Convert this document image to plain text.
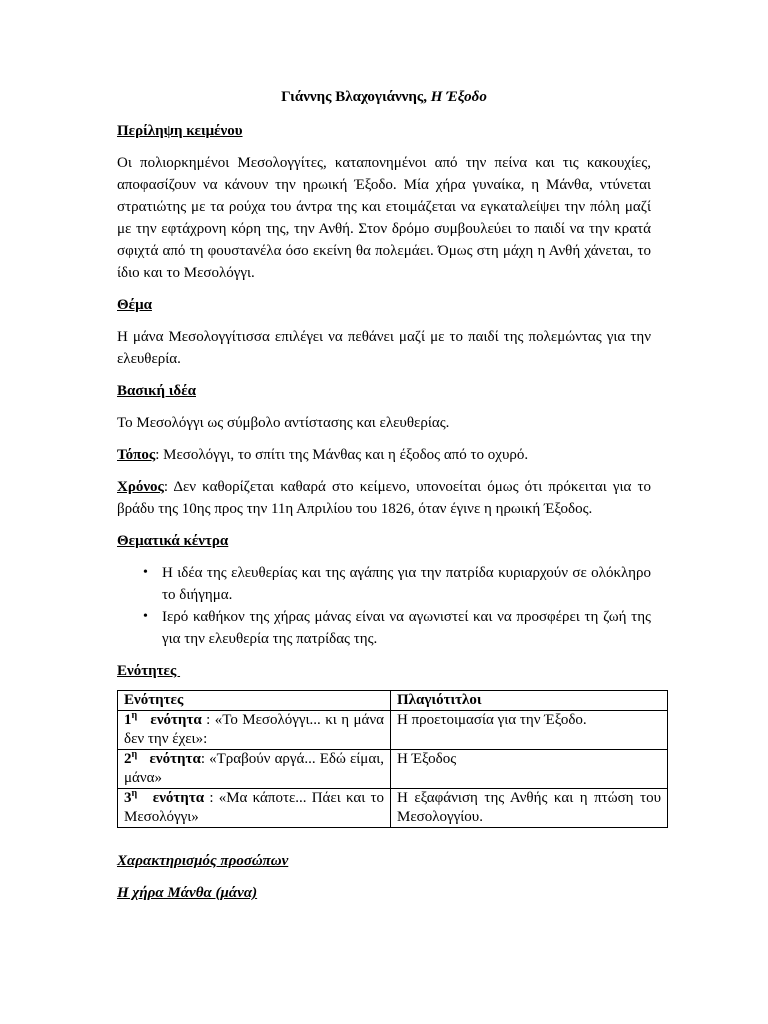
Γιάννης Βλαχογιάννης, Η Έξοδο
Περίληψη κειμένου

Οι πολιορκημένοι Μεσολογγίτες, καταπονημένοι από την πείνα και τις κακουχίες, αποφασίζουν να κάνουν την ηρωική Έξοδο. Μία χήρα γυναίκα, η Μάνθα, ντύνεται στρατιώτης με τα ρούχα του άντρα της και ετοιμάζεται να εγκαταλείψει την πόλη μαζί με την εφτάχρονη κόρη της, την Ανθή. Στον δρόμο συμβουλεύει το παιδί να την κρατά σφιχτά από τη φουστανέλα όσο εκείνη θα πολεμάει. Όμως στη μάχη η Ανθή χάνεται, το ίδιο και το Μεσολόγγι.

Θέμα

Η μάνα Μεσολογγίτισσα επιλέγει να πεθάνει μαζί με το παιδί της πολεμώντας για την ελευθερία.

Βασική ιδέα

Το Μεσολόγγι ως σύμβολο αντίστασης και ελευθερίας.

Τόπος: Μεσολόγγι, το σπίτι της Μάνθας και η έξοδος από το οχυρό.

Χρόνος: Δεν καθορίζεται καθαρά στο κείμενο, υπονοείται όμως ότι πρόκειται για το βράδυ της 10ης προς την 11η Απριλίου του 1826, όταν έγινε η ηρωική Έξοδος.

Θεματικά κέντρα
• Η ιδέα της ελευθερίας και της αγάπης για την πατρίδα κυριαρχούν σε ολόκληρο το διήγημα.
• Ιερό καθήκον της χήρας μάνας είναι να αγωνιστεί και να προσφέρει τη ζωή της για την ελευθερία της πατρίδας της.
Ενότητες
Ενότητες	Πλαγιότιτλοι
$1^\eta$   ενότητα : «Το Μεσολόγγι... κι η μάνα δεν την έχει»:	Η προετοιμασία για την Έξοδο.
$2^\eta$   ενότητα: «Τραβούν αργά... Εδώ είμαι, μάνα»	Η Έξοδος
$3^\eta$   ενότητα : «Μα κάποτε... Πάει και το Μεσολόγγι»	Η εξαφάνιση της Ανθής και η πτώση του Μεσολογγίου.
Χαρακτηρισμός προσώπων
Η χήρα Μάνθα (μάνα)
